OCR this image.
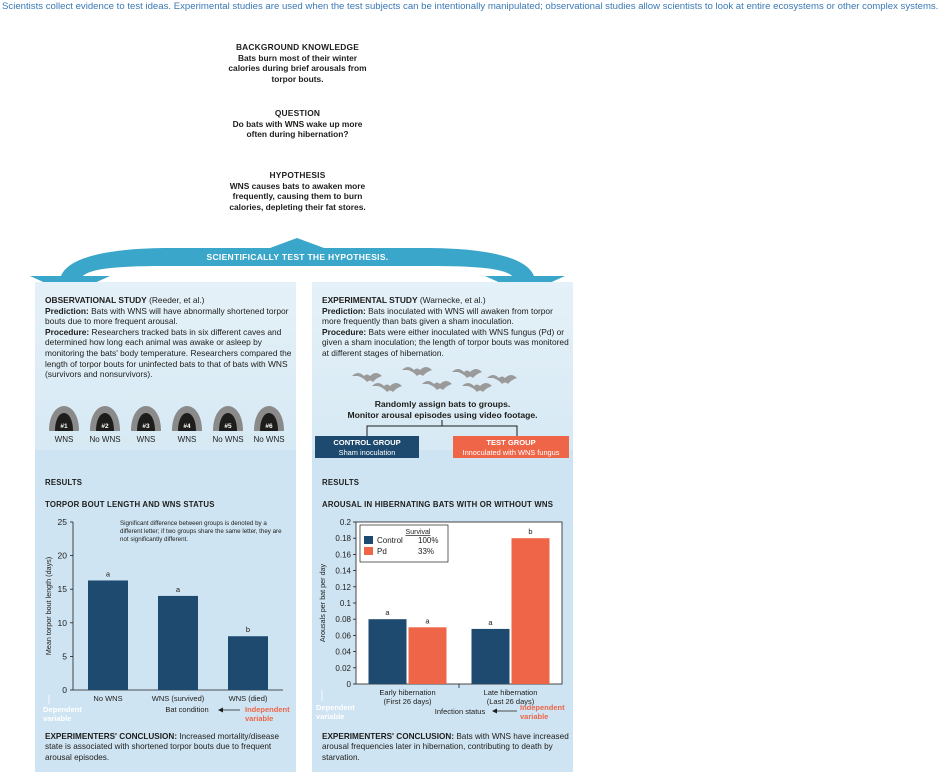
Scientists collect evidence to test ideas. Experimental studies are used when the test subjects can be intentionally manipulated; observational studies allow scientists to look at entire ecosystems or other complex systems.
BACKGROUND KNOWLEDGE
Bats burn most of their winter calories during brief arousals from torpor bouts.
QUESTION
Do bats with WNS wake up more often during hibernation?
HYPOTHESIS
WNS causes bats to awaken more frequently, causing them to burn calories, depleting their fat stores.
SCIENTIFICALLY TEST THE HYPOTHESIS.
OBSERVATIONAL STUDY (Reeder, et al.)
Prediction: Bats with WNS will have abnormally shortened torpor bouts due to more frequent arousal.
Procedure: Researchers tracked bats in six different caves and determined how long each animal was awake or asleep by monitoring the bats' body temperature. Researchers compared the length of torpor bouts for uninfected bats to that of bats with WNS (survivors and nonsurvivors).
#1
WNS
#2
No WNS
#3
WNS
#4
WNS
#5
No WNS
#6
No WNS
RESULTS
TORPOR BOUT LENGTH AND WNS STATUS
0
5
10
15
20
25
Mean torpor bout length (days)
Significant difference between groups is denoted by a different letter; if two groups share the same letter, they are not significantly different.
a
No WNS
a
WNS (survived)
b
WNS (died)
Bat condition
Dependent
variable
Independent
variable
EXPERIMENTERS' CONCLUSION: Increased mortality/disease state is associated with shortened torpor bouts due to frequent arousal episodes.
EXPERIMENTAL STUDY (Warnecke, et al.)
Prediction: Bats inoculated with WNS will awaken from torpor more frequently than bats given a sham inoculation.
Procedure: Bats were either inoculated with WNS fungus (Pd) or given a sham inoculation; the length of torpor bouts was monitored at different stages of hibernation.
Randomly assign bats to groups.
Monitor arousal episodes using video footage.
CONTROL GROUP
Sham inoculation
TEST GROUP
Innoculated with WNS fungus
RESULTS
AROUSAL IN HIBERNATING BATS WITH OR WITHOUT WNS
0
0.02
0.04
0.06
0.08
0.1
0.12
0.14
0.16
0.18
0.2
Arousals per bat per day	a
a
Early hibernation
(First 26 days)
a
b
Late hibernation
(Last 26 days)
Survival
Control 100%
Pd	33%
Infection status
Dependent
variable
Independent
variable
EXPERIMENTERS' CONCLUSION: Bats with WNS have increased arousal frequencies later in hibernation, contributing to death by starvation.
